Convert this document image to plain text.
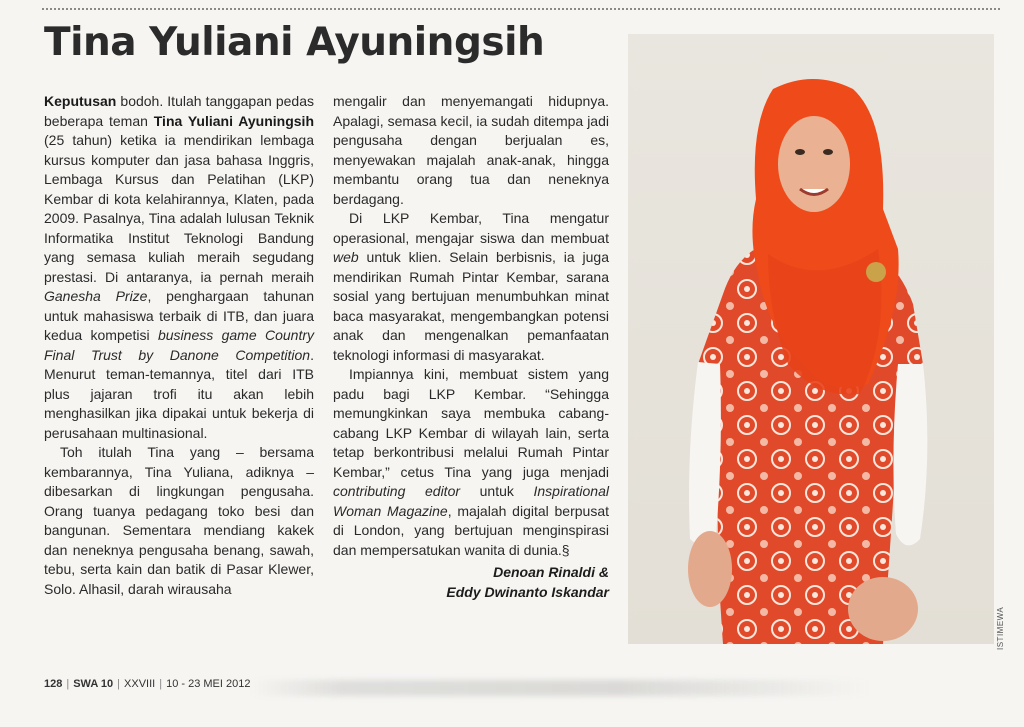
Tina Yuliani Ayuningsih

Keputusan bodoh. Itulah tanggapan pedas beberapa teman Tina Yuliani Ayuningsih (25 tahun) ketika ia mendirikan lembaga kursus komputer dan jasa bahasa Inggris, Lembaga Kursus dan Pelatihan (LKP) Kembar di kota kelahirannya, Klaten, pada 2009. Pasalnya, Tina adalah lulusan Teknik Informatika Institut Teknologi Bandung yang semasa kuliah meraih segudang prestasi. Di antaranya, ia pernah meraih Ganesha Prize, penghargaan tahunan untuk mahasiswa terbaik di ITB, dan juara kedua kompetisi business game Country Final Trust by Danone Competition. Menurut teman-temannya, titel dari ITB plus jajaran trofi itu akan lebih menghasilkan jika dipakai untuk bekerja di perusahaan multinasional.

Toh itulah Tina yang – bersama kembarannya, Tina Yuliana, adiknya – dibesarkan di lingkungan pengusaha. Orang tuanya pedagang toko besi dan bangunan. Sementara mendiang kakek dan neneknya pengusaha benang, sawah, tebu, serta kain dan batik di Pasar Klewer, Solo. Alhasil, darah wirausaha

mengalir dan menyemangati hidupnya. Apalagi, semasa kecil, ia sudah ditempa jadi pengusaha dengan berjualan es, menyewakan majalah anak-anak, hingga membantu orang tua dan neneknya berdagang.

Di LKP Kembar, Tina mengatur operasional, mengajar siswa dan membuat web untuk klien. Selain berbisnis, ia juga mendirikan Rumah Pintar Kembar, sarana sosial yang bertujuan menumbuhkan minat baca masyarakat, mengembangkan potensi anak dan mengenalkan pemanfaatan teknologi informasi di masyarakat.

Impiannya kini, membuat sistem yang padu bagi LKP Kembar. “Sehingga memungkinkan saya membuka cabang-cabang LKP Kembar di wilayah lain, serta tetap berkontribusi melalui Rumah Pintar Kembar,” cetus Tina yang juga menjadi contributing editor untuk Inspirational Woman Magazine, majalah digital berpusat di London, yang bertujuan menginspirasi dan mempersatukan wanita di dunia.§

Denoan Rinaldi &
Eddy Dwinanto Iskandar
ISTIMEWA
128 | SWA 10 | XXVIII | 10 - 23 MEI 2012
